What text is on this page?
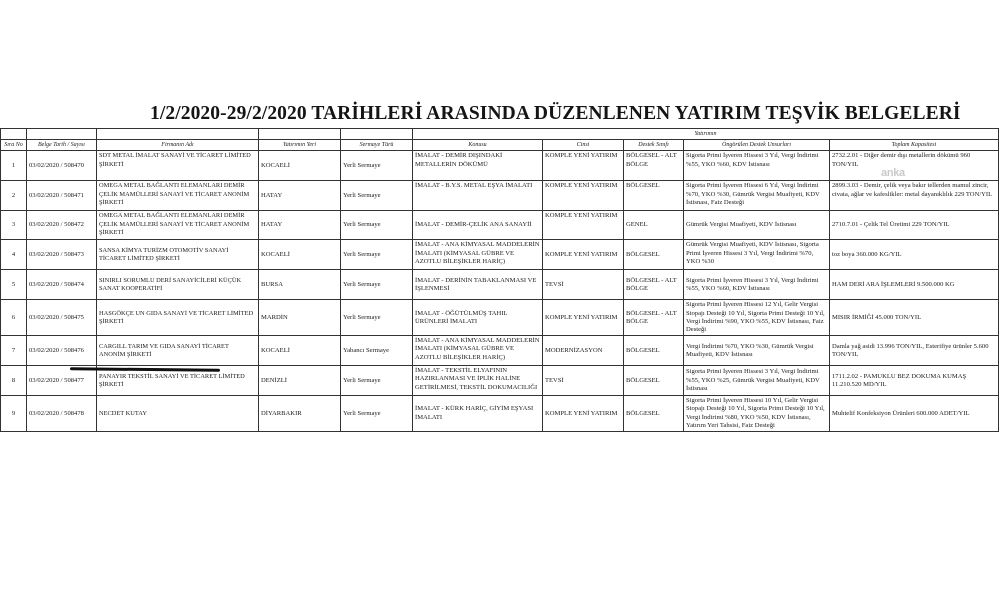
1/2/2020-29/2/2020 TARİHLERİ ARASINDA DÜZENLENEN YATIRIM TEŞVİK BELGELERİ
anka
					Yatırımın				
Sıra No	Belge Tarih / Sayısı	Firmanın Adı	Yatırımın Yeri	Sermaye Türü	Konusu	Cinsi	Destek Sınıfı	Öngörülen Destek Unsurları	Toplam Kapasitesi
1	03/02/2020 / 508470	SDT METAL İMALAT SANAYİ VE TİCARET LİMİTED ŞİRKETİ	KOCAELİ	Yerli Sermaye	İMALAT - DEMİR DIŞINDAKİ METALLERİN DÖKÜMÜ	KOMPLE YENİ YATIRIM	BÖLGESEL - ALT BÖLGE	Sigorta Primi İşveren Hissesi 3 Yıl, Vergi İndirimi %55, YKO %60, KDV İstisnası	2732.2.01 - Diğer demir dışı metallerin dökümü 960 TON/YIL
2	03/02/2020 / 508471	OMEGA METAL BAĞLANTI ELEMANLARI DEMİR ÇELİK MAMÜLLERİ SANAYİ VE TİCARET ANONİM ŞİRKETİ	HATAY	Yerli Sermaye	İMALAT - B.Y.S. METAL EŞYA İMALATI	KOMPLE YENİ YATIRIM	BÖLGESEL	Sigorta Primi İşveren Hissesi 6 Yıl, Vergi İndirimi %70, YKO %30, Gümrük Vergisi Muafiyeti, KDV İstisnası, Faiz Desteği	2899.3.03 - Demir, çelik veya bakır tellerden mamul zincir, civata, ağlar ve kafeslikler: metal dayanıklılık 229 TON/YIL
3	03/02/2020 / 508472	OMEGA METAL BAĞLANTI ELEMANLARI DEMİR ÇELİK MAMÜLLERİ SANAYİ VE TİCARET ANONİM ŞİRKETİ	HATAY	Yerli Sermaye	İMALAT - DEMİR-ÇELİK ANA SANAYİİ	KOMPLE YENİ YATIRIM	GENEL	Gümrük Vergisi Muafiyeti, KDV İstisnası	2710.7.01 - Çelik Tel Üretimi 229 TON/YIL
4	03/02/2020 / 508473	SANSA KİMYA TURİZM OTOMOTİV SANAYİ TİCARET LİMİTED ŞİRKETİ	KOCAELİ	Yerli Sermaye	İMALAT - ANA KİMYASAL MADDELERİN İMALATI (KİMYASAL GÜBRE VE AZOTLU BİLEŞİKLER HARİÇ)	KOMPLE YENİ YATIRIM	BÖLGESEL	Gümrük Vergisi Muafiyeti, KDV İstisnası, Sigorta Primi İşveren Hissesi 3 Yıl, Vergi İndirimi %70, YKO %30	toz boya 360.000 KG/YIL
5	03/02/2020 / 508474	SINIRLI SORUMLU DERİ SANAYİCİLERİ KÜÇÜK SANAT KOOPERATİFİ	BURSA	Yerli Sermaye	İMALAT - DERİNİN TABAKLANMASI VE İŞLENMESİ	TEVSİ	BÖLGESEL - ALT BÖLGE	Sigorta Primi İşveren Hissesi 3 Yıl, Vergi İndirimi %55, YKO %60, KDV İstisnası	HAM DERİ ARA İŞLEMLERİ 9.500.000 KG
6	03/02/2020 / 508475	HASGÖKÇE UN GIDA SANAYİ VE TİCARET LİMİTED ŞİRKETİ	MARDİN	Yerli Sermaye	İMALAT - ÖĞÜTÜLMÜŞ TAHIL ÜRÜNLERİ İMALATI	KOMPLE YENİ YATIRIM	BÖLGESEL - ALT BÖLGE	Sigorta Primi İşveren Hissesi 12 Yıl, Gelir Vergisi Stopajı Desteği 10 Yıl, Sigorta Primi Desteği 10 Yıl, Vergi İndirimi %90, YKO %55, KDV İstisnası, Faiz Desteği	MISIR İRMİĞİ 45.000 TON/YIL
7	03/02/2020 / 508476	CARGILL TARIM VE GIDA SANAYİ TİCARET ANONİM ŞİRKETİ	KOCAELİ	Yabancı Sermaye	İMALAT - ANA KİMYASAL MADDELERİN İMALATI (KİMYASAL GÜBRE VE AZOTLU BİLEŞİKLER HARİÇ)	MODERNİZASYON	BÖLGESEL	Vergi İndirimi %70, YKO %30, Gümrük Vergisi Muafiyeti, KDV İstisnası	Damla yağ asidi 13.996 TON/YIL, Esterifiye ürünler 5.600 TON/YIL
8	03/02/2020 / 508477	PANAYIR TEKSTİL SANAYİ VE TİCARET LİMİTED ŞİRKETİ	DENİZLİ	Yerli Sermaye	İMALAT - TEKSTİL ELYAFININ HAZIRLANMASI VE İPLİK HALİNE GETİRİLMESİ, TEKSTİL DOKUMACILIĞI	TEVSİ	BÖLGESEL	Sigorta Primi İşveren Hissesi 3 Yıl, Vergi İndirimi %55, YKO %25, Gümrük Vergisi Muafiyeti, KDV İstisnası	1711.2.02 - PAMUKLU BEZ DOKUMA KUMAŞ 11.210.520 MD/YIL
9	03/02/2020 / 508478	NECDET KUTAY	DİYARBAKIR	Yerli Sermaye	İMALAT - KÜRK HARİÇ, GİYİM EŞYASI İMALATI	KOMPLE YENİ YATIRIM	BÖLGESEL	Sigorta Primi İşveren Hissesi 10 Yıl, Gelir Vergisi Stopajı Desteği 10 Yıl, Sigorta Primi Desteği 10 Yıl, Vergi İndirimi %80, YKO %50, KDV İstisnası, Yatırım Yeri Tahsisi, Faiz Desteği	Muhtelif Konfeksiyon Ürünleri 600.000 ADET/YIL
